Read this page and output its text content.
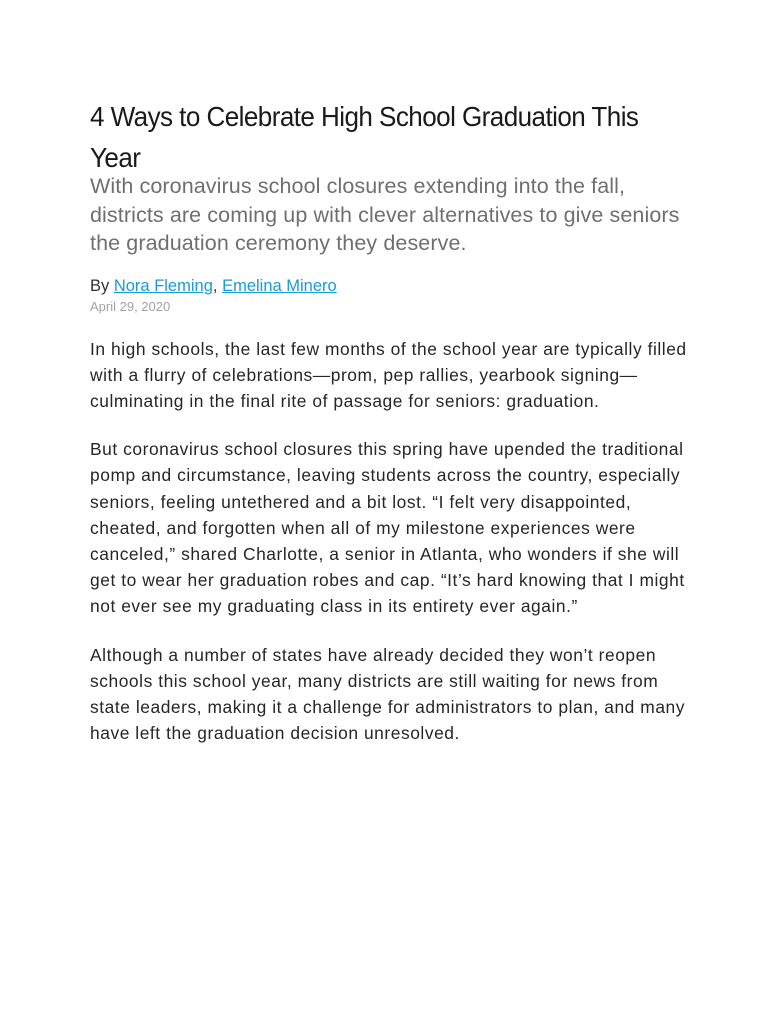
4 Ways to Celebrate High School Graduation This Year

With coronavirus school closures extending into the fall, districts are coming up with clever alternatives to give seniors the graduation ceremony they deserve.

By Nora Fleming, Emelina Minero
April 29, 2020

In high schools, the last few months of the school year are typically filled with a flurry of celebrations—prom, pep rallies, yearbook signing—culminating in the final rite of passage for seniors: graduation.

But coronavirus school closures this spring have upended the traditional pomp and circumstance, leaving students across the country, especially seniors, feeling untethered and a bit lost. “I felt very disappointed, cheated, and forgotten when all of my milestone experiences were canceled,” shared Charlotte, a senior in Atlanta, who wonders if she will get to wear her graduation robes and cap. “It’s hard knowing that I might not ever see my graduating class in its entirety ever again.”

Although a number of states have already decided they won’t reopen schools this school year, many districts are still waiting for news from state leaders, making it a challenge for administrators to plan, and many have left the graduation decision unresolved.
